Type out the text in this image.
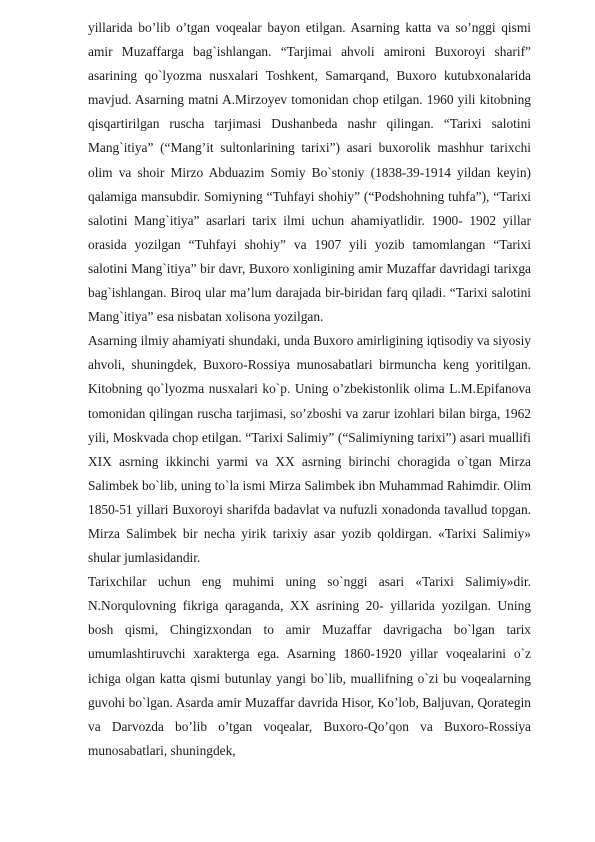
yillarida bo’lib o’tgan voqealar bayon etilgan. Asarning katta va so’nggi qismi amir Muzaffarga bag`ishlangan. “Tarjimai ahvoli amironi Buxoroyi sharif” asarining qo`lyozma nusxalari Toshkent, Samarqand, Buxoro kutubxonalarida mavjud. Asarning matni A.Mirzoyev tomonidan chop etilgan. 1960 yili kitobning qisqartirilgan ruscha tarjimasi Dushanbeda nashr qilingan. “Tarixi salotini Mang`itiya” (“Mang’it sultonlarining tarixi”) asari buxorolik mashhur tarixchi olim va shoir Mirzo Abduazim Somiy Bo`stoniy (1838-39-1914 yildan keyin) qalamiga mansubdir. Somiyning “Tuhfayi shohiy” (“Podshohning tuhfa”), “Tarixi salotini Mang`itiya” asarlari tarix ilmi uchun ahamiyatlidir. 1900- 1902 yillar orasida yozilgan “Tuhfayi shohiy” va 1907 yili yozib tamomlangan “Tarixi salotini Mang`itiya” bir davr, Buxoro xonligining amir Muzaffar davridagi tarixga bag`ishlangan. Biroq ular ma’lum darajada bir-biridan farq qiladi. “Tarixi salotini Mang`itiya” esa nisbatan xolisona yozilgan.

Asarning ilmiy ahamiyati shundaki, unda Buxoro amirligining iqtisodiy va siyosiy ahvoli, shuningdek, Buxoro-Rossiya munosabatlari birmuncha keng yoritilgan. Kitobning qo`lyozma nusxalari ko`p. Uning o’zbekistonlik olima L.M.Epifanova tomonidan qilingan ruscha tarjimasi, so’zboshi va zarur izohlari bilan birga, 1962 yili, Moskvada chop etilgan. “Tarixi Salimiy” (“Salimiyning tarixi”) asari muallifi XIX asrning ikkinchi yarmi va XX asrning birinchi choragida o`tgan Mirza Salimbek bo`lib, uning to`la ismi Mirza Salimbek ibn Muhammad Rahimdir. Olim 1850-51 yillari Buxoroyi sharifda badavlat va nufuzli xonadonda tavallud topgan. Mirza Salimbek bir necha yirik tarixiy asar yozib qoldirgan. «Tarixi Salimiy» shular jumlasidandir.

Tarixchilar uchun eng muhimi uning so`nggi asari «Tarixi Salimiy»dir. N.Norqulovning fikriga qaraganda, XX asrining 20- yillarida yozilgan. Uning bosh qismi, Chingizxondan to amir Muzaffar davrigacha bo`lgan tarix umumlashtiruvchi xarakterga ega. Asarning 1860-1920 yillar voqealarini o`z ichiga olgan katta qismi butunlay yangi bo`lib, muallifning o`zi bu voqealarning guvohi bo`lgan. Asarda amir Muzaffar davrida Hisor, Ko’lob, Baljuvan, Qorategin va Darvozda bo’lib o’tgan voqealar, Buxoro-Qo’qon va Buxoro-Rossiya munosabatlari, shuningdek,
